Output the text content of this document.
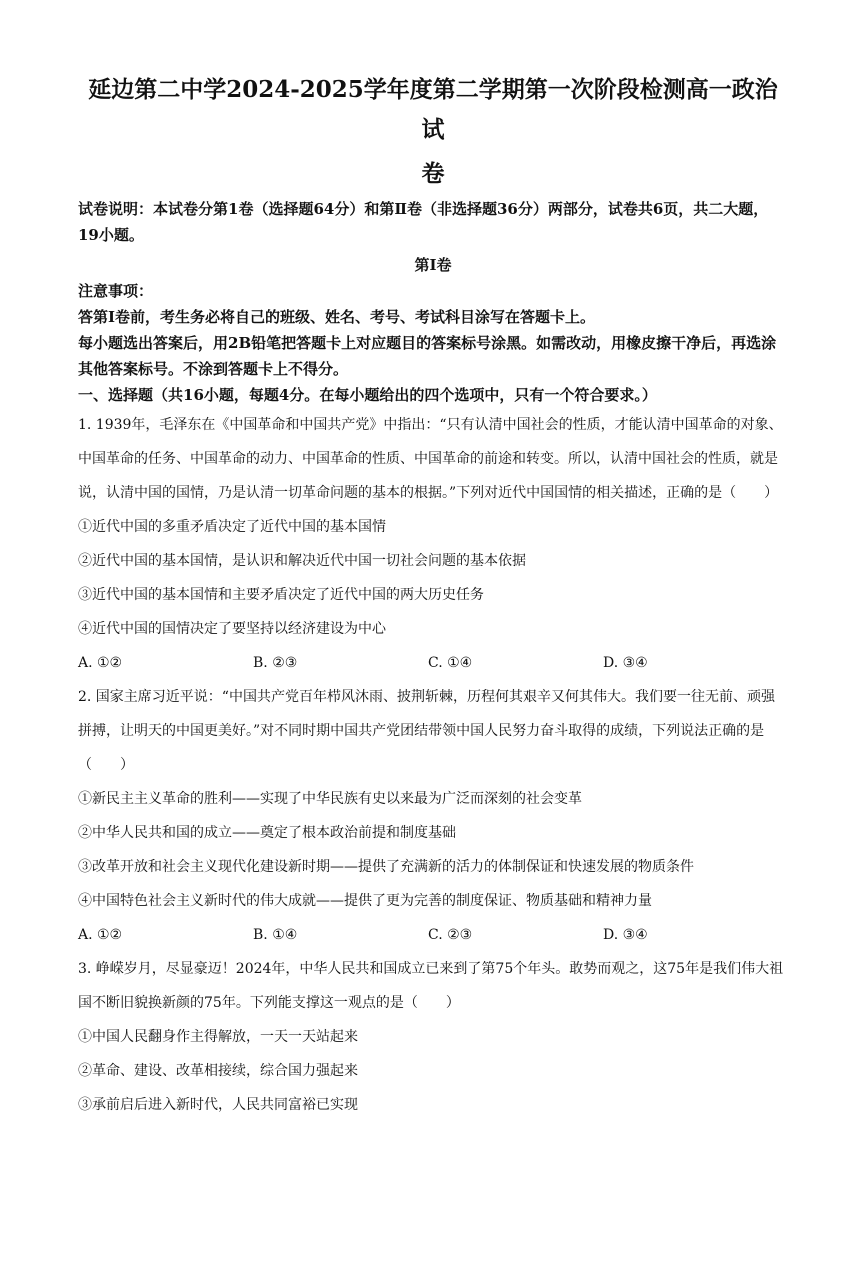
延边第二中学2024-2025学年度第二学期第一次阶段检测高一政治试
卷
试卷说明：本试卷分第1卷（选择题64分）和第Ⅱ卷（非选择题36分）两部分，试卷共6页，共二大题，19小题。
第Ⅰ卷
注意事项：
答第Ⅰ卷前，考生务必将自己的班级、姓名、考号、考试科目涂写在答题卡上。
每小题选出答案后，用2B铅笔把答题卡上对应题目的答案标号涂黑。如需改动，用橡皮擦干净后，再选涂其他答案标号。不涂到答题卡上不得分。
一、选择题（共16小题，每题4分。在每小题给出的四个选项中，只有一个符合要求。）
1. 1939年，毛泽东在《中国革命和中国共产党》中指出：“只有认清中国社会的性质，才能认清中国革命的对象、中国革命的任务、中国革命的动力、中国革命的性质、中国革命的前途和转变。所以，认清中国社会的性质，就是说，认清中国的国情，乃是认清一切革命问题的基本的根据。”下列对近代中国国情的相关描述，正确的是（　　）
①近代中国的多重矛盾决定了近代中国的基本国情
②近代中国的基本国情，是认识和解决近代中国一切社会问题的基本依据
③近代中国的基本国情和主要矛盾决定了近代中国的两大历史任务
④近代中国的国情决定了要坚持以经济建设为中心
A. ①②	B. ②③	C. ①④	D. ③④
2. 国家主席习近平说：“中国共产党百年栉风沐雨、披荆斩棘，历程何其艰辛又何其伟大。我们要一往无前、顽强拼搏，让明天的中国更美好。”对不同时期中国共产党团结带领中国人民努力奋斗取得的成绩，下列说法正确的是（　　）
①新民主主义革命的胜利——实现了中华民族有史以来最为广泛而深刻的社会变革
②中华人民共和国的成立——奠定了根本政治前提和制度基础
③改革开放和社会主义现代化建设新时期——提供了充满新的活力的体制保证和快速发展的物质条件
④中国特色社会主义新时代的伟大成就——提供了更为完善的制度保证、物质基础和精神力量
A. ①②	B. ①④	C. ②③	D. ③④
3. 峥嵘岁月，尽显豪迈！2024年，中华人民共和国成立已来到了第75个年头。敢势而观之，这75年是我们伟大祖国不断旧貌换新颜的75年。下列能支撑这一观点的是（　　）
①中国人民翻身作主得解放，一天一天站起来
②革命、建设、改革相接续，综合国力强起来
③承前启后进入新时代，人民共同富裕已实现
